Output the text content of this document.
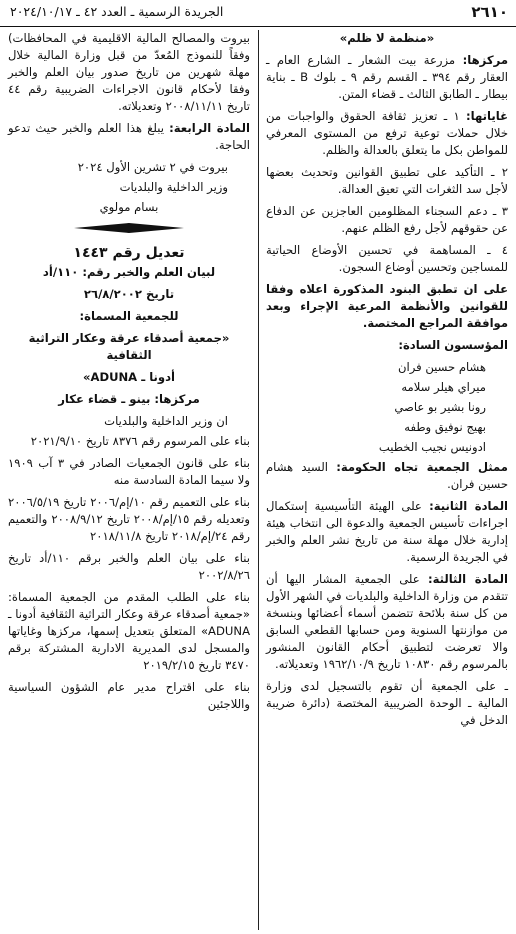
٢٦١٠
الجريدة الرسمية ـ العدد ٤٢ ـ ٢٠٢٤/١٠/١٧

«منظمة لا ظلم»

مركزها: مزرعة بيت الشعار ـ الشارع العام ـ العقار رقم ٣٩٤ ـ القسم رقم ٩ ـ بلوك B ـ بناية بيطار ـ الطابق الثالث ـ قضاء المتن.

غاياتها: ١ ـ تعزيز ثقافة الحقوق والواجبات من خلال حملات توعية ترفع من المستوى المعرفي للمواطن بكل ما يتعلق بالعدالة والظلم.

٢ ـ التأكيد على تطبيق القوانين وتحديث بعضها لأجل سد الثغرات التي تعيق العدالة.

٣ ـ دعم السجناء المظلومين العاجزين عن الدفاع عن حقوقهم لأجل رفع الظلم عنهم.

٤ ـ المساهمة في تحسين الأوضاع الحياتية للمساجين وتحسين أوضاع السجون.

على ان تطبق البنود المذكورة اعلاه وفقا للقوانين والأنظمة المرعية الإجراء وبعد موافقة المراجع المختصة.

المؤسسون السادة:

هشام حسين فران

ميراي هيلر سلامه

رونا بشير بو عاصي

بهيج نوفيق وطفه

ادونيس نجيب الخطيب

ممثل الجمعية تجاه الحكومة: السيد هشام حسين فران.

المادة الثانية: على الهيئة التأسيسية إستكمال اجراءات تأسيس الجمعية والدعوة الى انتخاب هيئة إدارية خلال مهلة سنة من تاريخ نشر العلم والخبر في الجريدة الرسمية.

المادة الثالثة: على الجمعية المشار اليها أن تتقدم من وزارة الداخلية والبلديات في الشهر الأول من كل سنة بلائحة تتضمن أسماء أعضائها وبنسخة من موازنتها السنوية ومن حسابها القطعي السابق والا تعرضت لتطبيق أحكام القانون المنشور بالمرسوم رقم ١٠٨٣٠ تاريخ ١٩٦٢/١٠/٩ وتعديلاته.

ـ على الجمعية أن تقوم بالتسجيل لدى وزارة المالية ـ الوحدة الضريبية المختصة (دائرة ضريبة الدخل في

بيروت والمصالح المالية الاقليمية في المحافظات) وفقاً للنموذج المُعدّ من قبل وزارة المالية خلال مهلة شهرين من تاريخ صدور بيان العلم والخبر وفقا لأحكام قانون الاجراءات الضريبية رقم ٤٤ تاريخ ٢٠٠٨/١١/١١ وتعديلاته.

المادة الرابعة: يبلغ هذا العلم والخبر حيث تدعو الحاجة.

بيروت في ٢ تشرين الأول ٢٠٢٤

وزير الداخلية والبلديات

بسام مولوي

تعديل رقم ١٤٤٣

لبيان العلم والخبر رقم: ١١٠/أد

تاريخ ٢٦/٨/٢٠٠٢

للجمعية المسماة:

«جمعية أصدقاء عرقة وعكار التراثية الثقافية

أدونا ـ ADUNA»

مركزها: بينو ـ قضاء عكار

ان وزير الداخلية والبلديات

بناء على المرسوم رقم ٨٣٧٦ تاريخ ٢٠٢١/٩/١٠

بناء على قانون الجمعيات الصادر في ٣ آب ١٩٠٩ ولا سيما المادة السادسة منه

بناء على التعميم رقم ١٠/إم/٢٠٠٦ تاريخ ٢٠٠٦/٥/١٩ وتعديله رقم ١٥/إم/٢٠٠٨ تاريخ ٢٠٠٨/٩/١٢ والتعميم رقم ٢٤/إم/٢٠١٨ تاريخ ٢٠١٨/١١/٨

بناء على بيان العلم والخبر برقم ١١٠/أد تاريخ ٢٠٠٢/٨/٢٦

بناء على الطلب المقدم من الجمعية المسماة: «جمعية أصدقاء عرقة وعكار التراثية الثقافية أدونا ـ ADUNA» المتعلق بتعديل إسمها، مركزها وغاياتها والمسجل لدى المديرية الادارية المشتركة برقم ٣٤٧٠ تاريخ ٢٠١٩/٢/١٥

بناء على اقتراح مدير عام الشؤون السياسية واللاجئين
